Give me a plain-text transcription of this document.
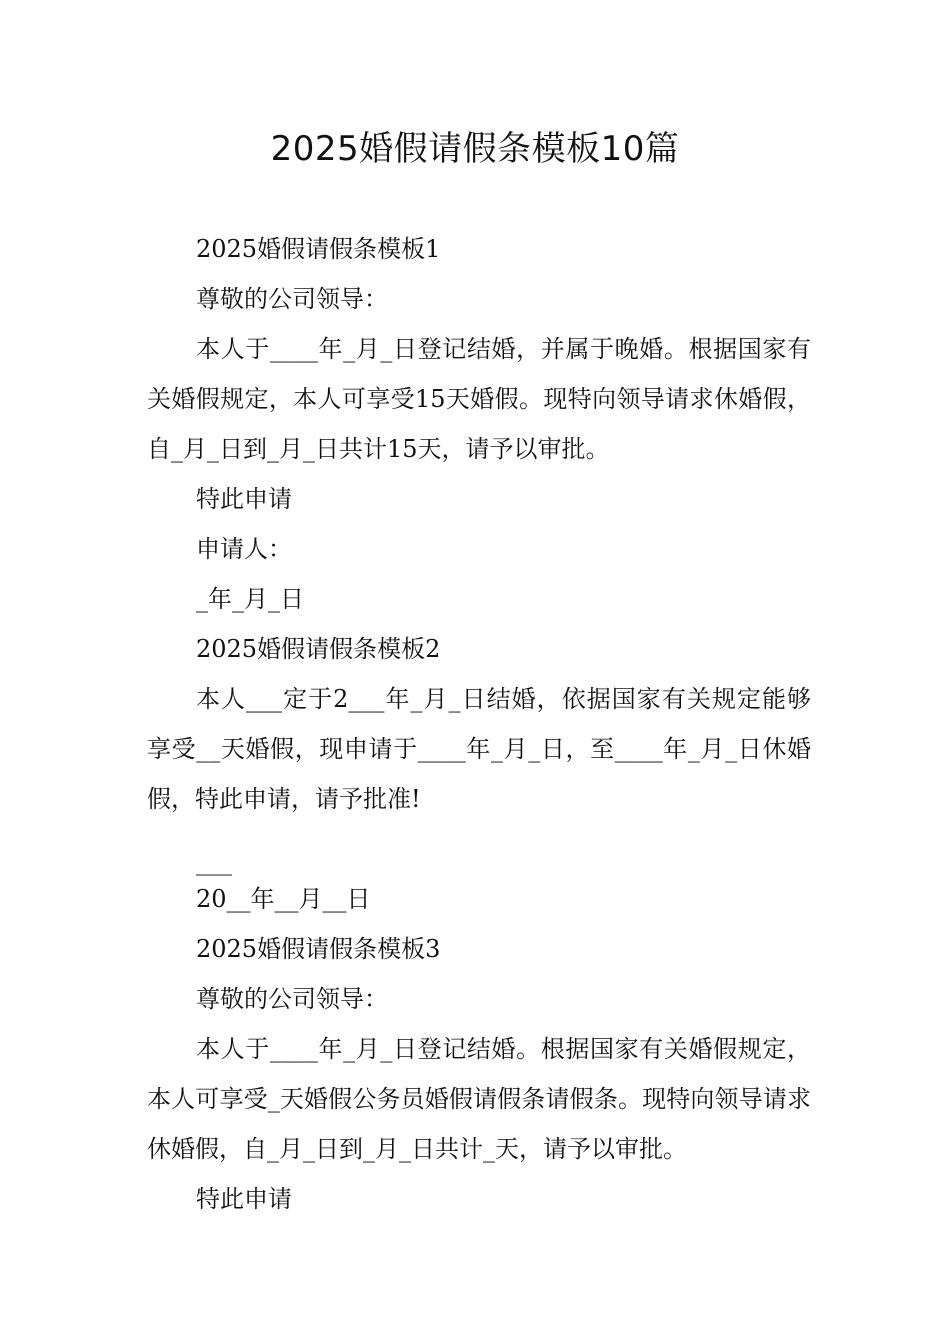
2025婚假请假条模板10篇

2025婚假请假条模板1

尊敬的公司领导：

本人于____年_月_日登记结婚，并属于晚婚。根据国家有关婚假规定，本人可享受15天婚假。现特向领导请求休婚假，自_月_日到_月_日共计15天，请予以审批。

特此申请

申请人：

_年_月_日

2025婚假请假条模板2

本人___定于2___年_月_日结婚，依据国家有关规定能够享受__天婚假，现申请于____年_月_日，至____年_月_日休婚假，特此申请，请予批准!

___

20__年__月__日

2025婚假请假条模板3

尊敬的公司领导：

本人于____年_月_日登记结婚。根据国家有关婚假规定，本人可享受_天婚假公务员婚假请假条请假条。现特向领导请求休婚假，自_月_日到_月_日共计_天，请予以审批。

特此申请
